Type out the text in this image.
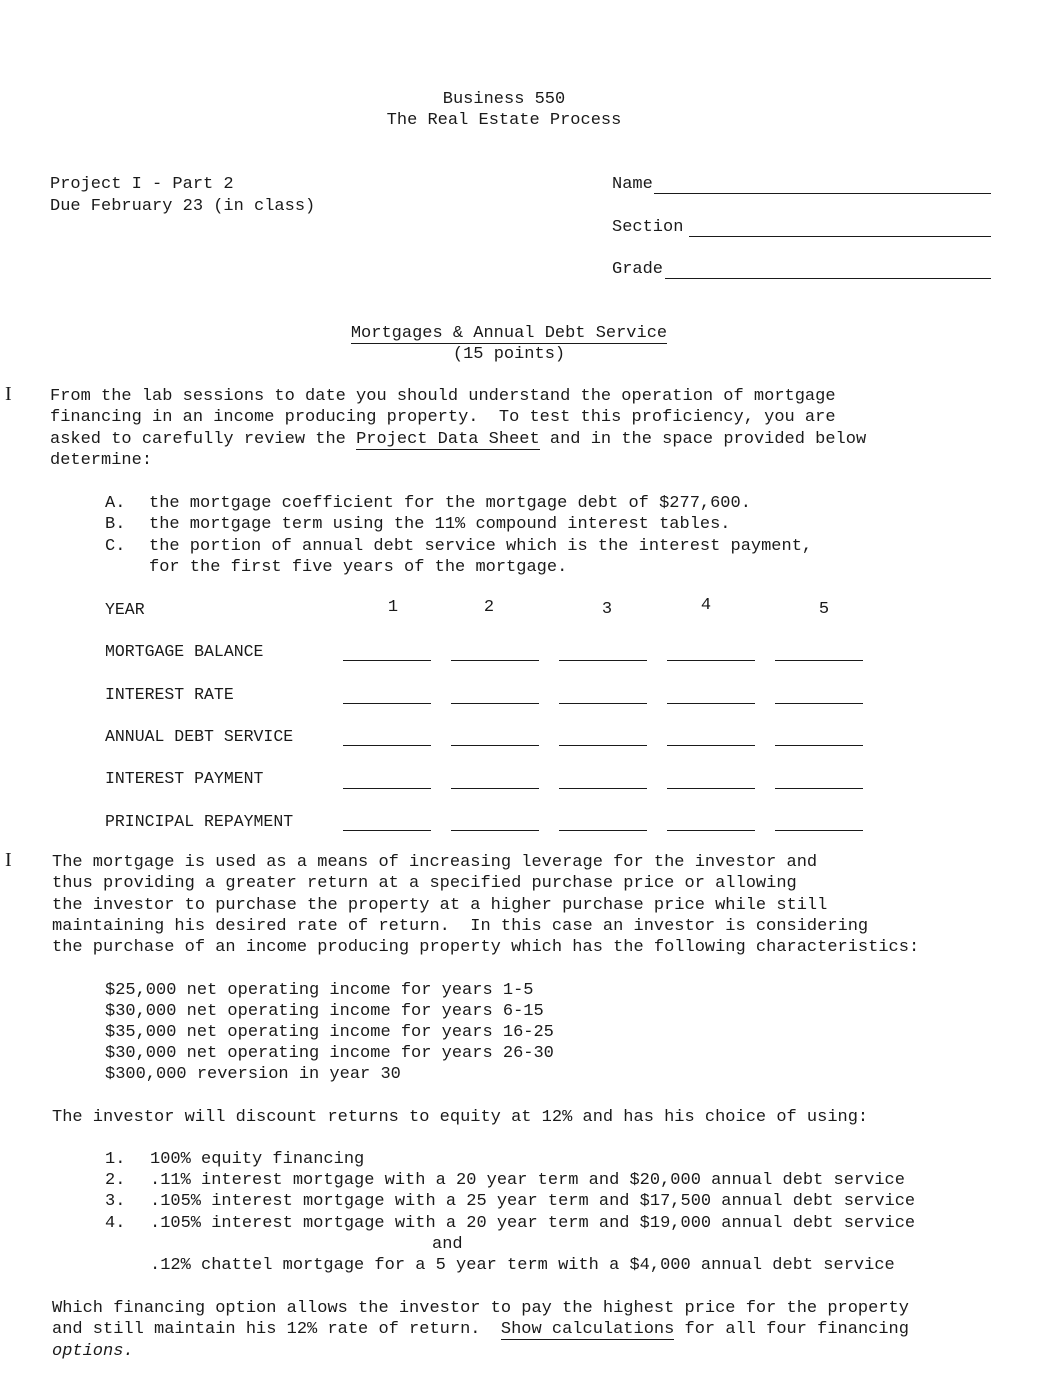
Business 550
The Real Estate Process
Project I - Part 2
Due February 23 (in class)
Name
Section
Grade
Mortgages & Annual Debt Service
(15 points)
I From the lab sessions to date you should understand the operation of mortgage
financing in an income producing property.  To test this proficiency, you are
asked to carefully review the Project Data Sheet and in the space provided below
determine:
A. the mortgage coefficient for the mortgage debt of $277,600.
B. the mortgage term using the 11% compound interest tables.
C. the portion of annual debt service which is the interest payment,
for the first five years of the mortgage.
YEAR	1	2	3	4	5
MORTGAGE BALANCE
INTEREST RATE
ANNUAL DEBT SERVICE
INTEREST PAYMENT
PRINCIPAL REPAYMENT
I The mortgage is used as a means of increasing leverage for the investor and
thus providing a greater return at a specified purchase price or allowing
the investor to purchase the property at a higher purchase price while still
maintaining his desired rate of return.  In this case an investor is considering
the purchase of an income producing property which has the following characteristics:
$25,000 net operating income for years 1-5
$30,000 net operating income for years 6-15
$35,000 net operating income for years 16-25
$30,000 net operating income for years 26-30
$300,000 reversion in year 30
The investor will discount returns to equity at 12% and has his choice of using:
1. 100% equity financing
2. .11% interest mortgage with a 20 year term and $20,000 annual debt service
3. .105% interest mortgage with a 25 year term and $17,500 annual debt service
4. .105% interest mortgage with a 20 year term and $19,000 annual debt service
and
.12% chattel mortgage for a 5 year term with a $4,000 annual debt service
Which financing option allows the investor to pay the highest price for the property
and still maintain his 12% rate of return.  Show calculations for all four financing
options.
